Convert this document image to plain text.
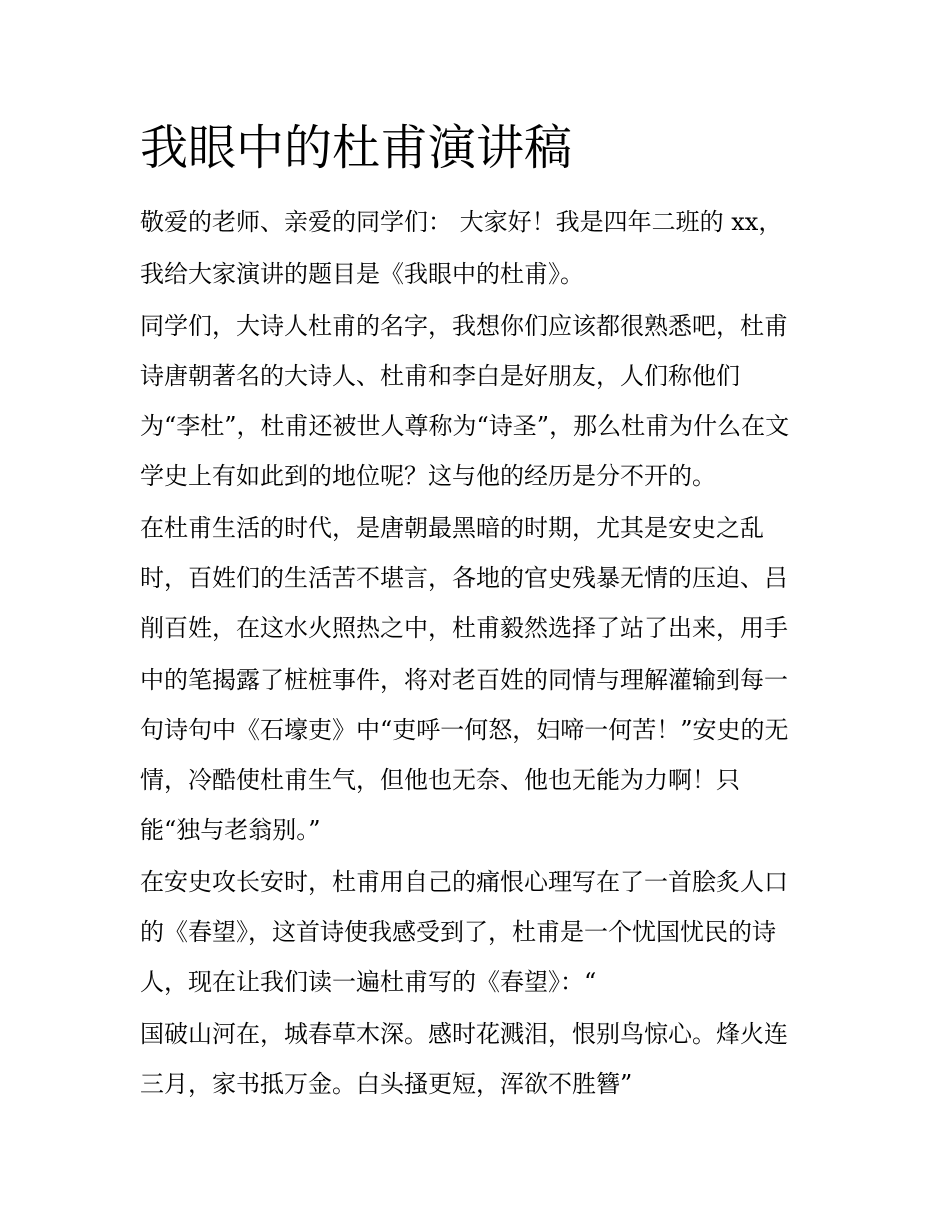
我眼中的杜甫演讲稿

敬爱的老师、亲爱的同学们： 大家好！我是四年二班的 xx，

我给大家演讲的题目是《我眼中的杜甫》。

同学们，大诗人杜甫的名字，我想你们应该都很熟悉吧，杜甫

诗唐朝著名的大诗人、杜甫和李白是好朋友，人们称他们

为“李杜”，杜甫还被世人尊称为“诗圣”，那么杜甫为什么在文

学史上有如此到的地位呢？这与他的经历是分不开的。

在杜甫生活的时代，是唐朝最黑暗的时期，尤其是安史之乱

时，百姓们的生活苦不堪言，各地的官史残暴无情的压迫、吕

削百姓，在这水火照热之中，杜甫毅然选择了站了出来，用手

中的笔揭露了桩桩事件，将对老百姓的同情与理解灌输到每一

句诗句中《石壕吏》中“吏呼一何怒，妇啼一何苦！”安史的无

情，冷酷使杜甫生气，但他也无奈、他也无能为力啊！只

能“独与老翁别。”

在安史攻长安时，杜甫用自己的痛恨心理写在了一首脍炙人口

的《春望》，这首诗使我感受到了，杜甫是一个忧国忧民的诗

人，现在让我们读一遍杜甫写的《春望》：“

国破山河在，城春草木深。感时花溅泪，恨别鸟惊心。烽火连

三月，家书抵万金。白头搔更短，浑欲不胜簪”
